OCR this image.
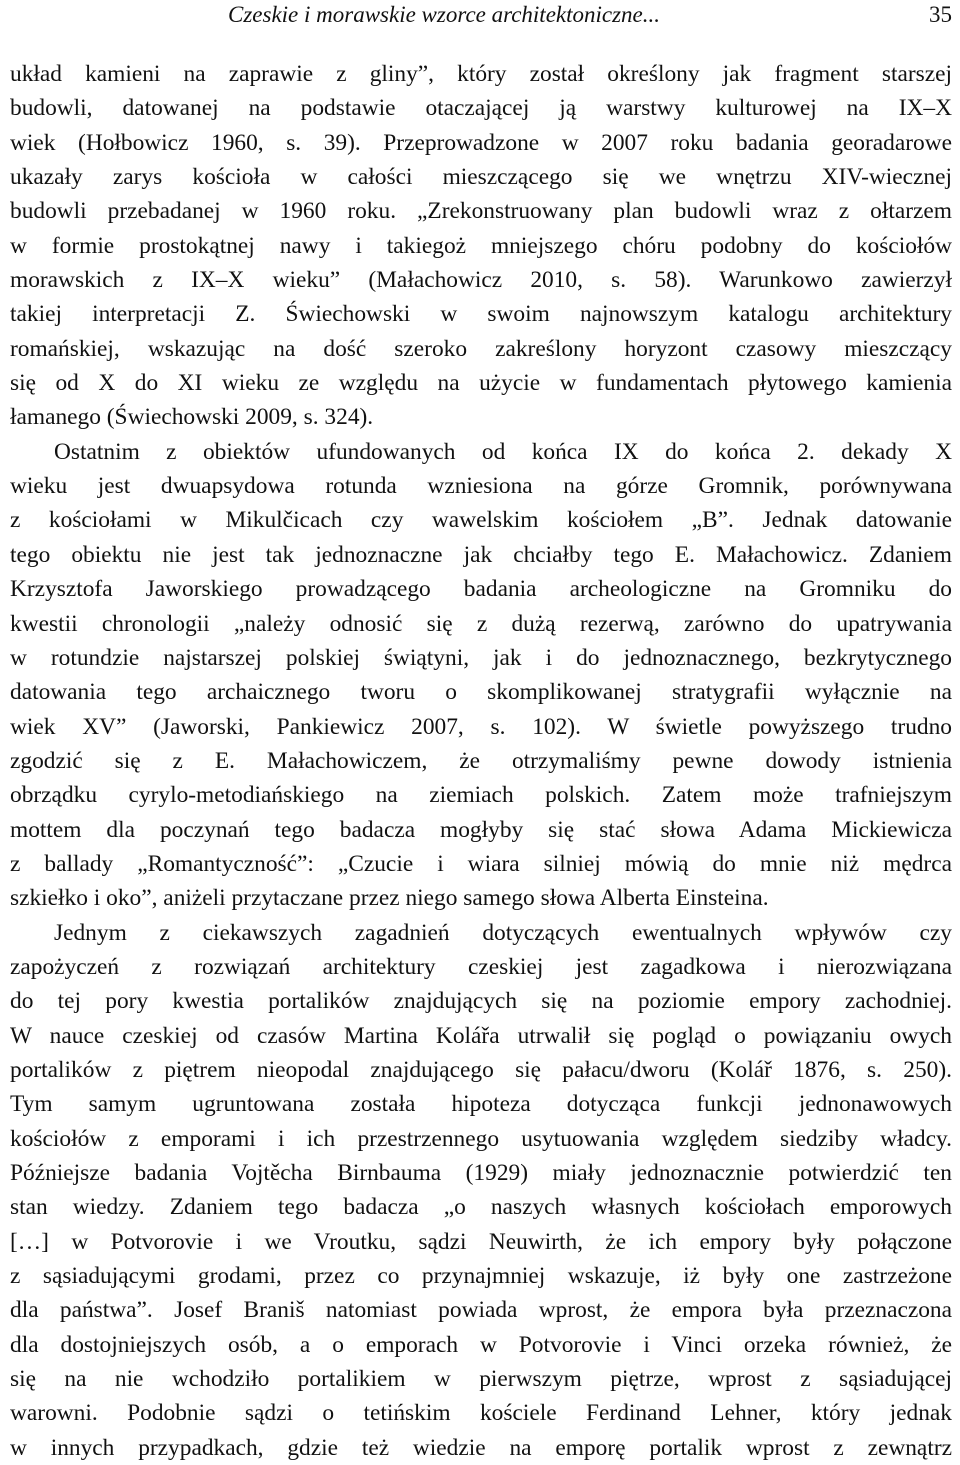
Czeskie i morawskie wzorce architektoniczne...	35
układ kamieni na zaprawie z gliny”, który został określony jak fragment starszej
budowli, datowanej na podstawie otaczającej ją warstwy kulturowej na IX–X
wiek (Hołbowicz 1960, s. 39). Przeprowadzone w 2007 roku badania georadarowe
ukazały zarys kościoła w całości mieszczącego się we wnętrzu XIV-wiecznej
budowli przebadanej w 1960 roku. „Zrekonstruowany plan budowli wraz z ołtarzem
w formie prostokątnej nawy i takiegoż mniejszego chóru podobny do kościołów
morawskich z IX–X wieku” (Małachowicz 2010, s. 58). Warunkowo zawierzył
takiej interpretacji Z. Świechowski w swoim najnowszym katalogu architektury
romańskiej, wskazując na dość szeroko zakreślony horyzont czasowy mieszczący
się od X do XI wieku ze względu na użycie w fundamentach płytowego kamienia
łamanego (Świechowski 2009, s. 324).
Ostatnim z obiektów ufundowanych od końca IX do końca 2. dekady X
wieku jest dwuapsydowa rotunda wzniesiona na górze Gromnik, porównywana
z kościołami w Mikulčicach czy wawelskim kościołem „B”. Jednak datowanie
tego obiektu nie jest tak jednoznaczne jak chciałby tego E. Małachowicz. Zdaniem
Krzysztofa Jaworskiego prowadzącego badania archeologiczne na Gromniku do
kwestii chronologii „należy odnosić się z dużą rezerwą, zarówno do upatrywania
w rotundzie najstarszej polskiej świątyni, jak i do jednoznacznego, bezkrytycznego
datowania tego archaicznego tworu o skomplikowanej stratygrafii wyłącznie na
wiek XV” (Jaworski, Pankiewicz 2007, s. 102). W świetle powyższego trudno
zgodzić się z E. Małachowiczem, że otrzymaliśmy pewne dowody istnienia
obrządku cyrylo-metodiańskiego na ziemiach polskich. Zatem może trafniejszym
mottem dla poczynań tego badacza mogłyby się stać słowa Adama Mickiewicza
z ballady „Romantyczność”: „Czucie i wiara silniej mówią do mnie niż mędrca
szkiełko i oko”, aniżeli przytaczane przez niego samego słowa Alberta Einsteina.
Jednym z ciekawszych zagadnień dotyczących ewentualnych wpływów czy
zapożyczeń z rozwiązań architektury czeskiej jest zagadkowa i nierozwiązana
do tej pory kwestia portalików znajdujących się na poziomie empory zachodniej.
W nauce czeskiej od czasów Martina Kolářa utrwalił się pogląd o powiązaniu owych
portalików z piętrem nieopodal znajdującego się pałacu/dworu (Kolář 1876, s. 250).
Tym samym ugruntowana została hipoteza dotycząca funkcji jednonawowych
kościołów z emporami i ich przestrzennego usytuowania względem siedziby władcy.
Późniejsze badania Vojtěcha Birnbauma (1929) miały jednoznacznie potwierdzić ten
stan wiedzy. Zdaniem tego badacza „o naszych własnych kościołach emporowych
[…] w Potvorovie i we Vroutku, sądzi Neuwirth, że ich empory były połączone
z sąsiadującymi grodami, przez co przynajmniej wskazuje, iż były one zastrzeżone
dla państwa”. Josef Braniš natomiast powiada wprost, że empora była przeznaczona
dla dostojniejszych osób, a o emporach w Potvorovie i Vinci orzeka również, że
się na nie wchodziło portalikiem w pierwszym piętrze, wprost z sąsiadującej
warowni. Podobnie sądzi o tetińskim kościele Ferdinand Lehner, który jednak
w innych przypadkach, gdzie też wiedzie na emporę portalik wprost z zewnątrz
